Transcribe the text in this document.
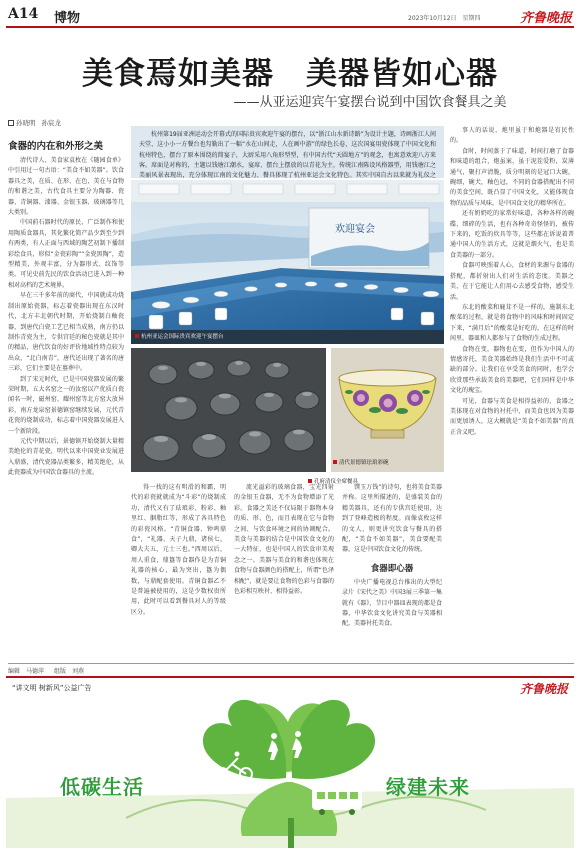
A14 博物	2023年10月12日　星期四	齐鲁晚报
美食焉如美器　美器皆如心器
——从亚运迎宾午宴摆台说到中国饮食餐具之美
孙晓明 孙宸龙
食器的内在和外形之美

清代诗人、美食家袁枚在《随园食单》中引用过一句古语：“美食不如美器”。饮食器具之美，在质、在形、在色，美在与食物的和谐之美，古代食具主要分为陶器、瓷器、青铜器、漆器、金银玉器、玻璃器等几大类别。

中国前石器时代的原民，广泛制作和使用陶质食器具，其化繁化简产品少到至少到有两类，有人正面与西域的陶艺初制下播制彩绘食具，形似“金瓷彩陶”“金瓷黑陶”，造型精美，外观丰富，分为器形式、纹饰等类。可见史前先民的饮食活动已进入到一种相对高档的艺术境界。

早在三千多年前的商代，中国就成功烧制出原始瓷器，标志着瓷器出现在东汉时代，北方丰北朝代时期，开始烧制白釉瓷器，到唐代白瓷工艺已相当成熟，南方仍以制作青瓷为主，专供宫廷的秘色瓷就是其中的精品，唐代饮食的好评价地域性特点较为出众，“北白南青”，唐代还出现了著名的唐三彩，它们主要是在墓葬中。

到了宋元时代，已是中国瓷器发展的繁荣时期，五大名窑之一的汝窑以产优质白瓷闻名一时，磁州窑、耀州窑等北方窑大放异彩，南方龙泉窑景德镇窑继续发展，元代青花瓷的烧制成功，标志着中国瓷器发展进入一个新阶段。

元代中期以后，景德镇开始烧制大量精美绝伦的青花瓷，明代以来中国瓷业发展进入鼎盛，清代瓷器品类繁多，精美绝伦，从此瓷器成为中国饮食器具的主流。

杭州第19届亚洲运动会开幕式的国际贵宾欢迎午宴的摆台，以“浙江山水新诗路”为设计主题，诗画浙江人间天堂、这小小一方餐台也勾勒出了一幅“水在山间走，人在画中游”的绿色长卷，这次国宴用瓷体现了中国文化和杭州特色，摆台了原本围绕的简宴子，大厨采用八角形型型，有中国古代“天圆地方”的观念，也寓意欢迎八方来客。席面是对称的，主题以钱塘江潮水，宴席、摆台上摆放的以青花为主，传统江南陈设风格器型，用钱塘江之美丽风景表现出，充分体现江南的文化魅力、餐具体现了杭州亚运会文化特色。其实中国自古以来就为礼仪之

欢迎宴会
杭州亚运会国际贵宾欢迎午宴摆台
清代景德镇珐琅彩碗
孔府清仪全席餐具

得一找的这有明滑的和霸，明代的彩瓷就就成为“斗彩”的烧制成功，清代又有了珐琅彩、粉彩、釉里红、胭脂红等，形成了各具特色的彩瓷风格。“青铜食器、钟鸣鼎食”，“礼器、天子九鼎，诸侯七，卿大夫五，元士三也。”西周以后，周人重食，鼎簋等食器作是为青铜礼器的核心，最为突出，簋为偶数，与鼎配套使用。青铜食器乙不是普遍被使用的，这是少数权贵所用，此时可以看到餐具对人的等级区分。

流光溢彩的玻璃食器，宝光四射的金银玉食器，无不为食物增添了光彩。食器之美还不仅局限于器物本身的质、形、色，而且表现在它与食物之间、与饮食环境之间的协调配合。美食与美器的结合是中国饮食文化的一大特征，也是中国人的饮食审美观念之一。美器与美食的和谐也体现在食物与食器颜色的搭配上，所谓“色泽相配”，就是要让食物的色彩与食器的色彩相互映衬、相得益彰。

馔玉万钱”的诗句，也将美食美器并称。这里所描述的，是盛装美食的精美器具，还有的专供宫廷使用，达到了登峰造极的程度。而像袁枚这样的文人，则更讲究饮食与餐具的搭配，“美食不如美器”，美食要配美器，这是中国饮食文化的传统。

食器即心器

中央广播电视总台推出的大型纪录片《宋代之美》中国3展三季第一集就有《器》，节目中器皿表现的都是食器，中华饮食文化讲究美食与美器相配，美器衬托美食。

事人的话说，炮里虽于和炮器是宥民性的。

食时，时间蒸于了味道，时间打磨了食器和味道的组合，炮虽案，虽于泥茬爱粉，炭薄通气，聚打声清脆，质分明刻的是冠口大碗，碗细，碗犬，釉色冠，不同的食器搭配出不同的美食空间，既凸显了中国文化，又能体现食物的品质与风味，是中国食文化的精华所在。

还有奶奶吃的家常好味道，各种各样的碗碟，细碎的生活，也有各种奇奇怪怪的，被传下来的，吃饭的炊具等等，这些都在诉说着普通中国人的生活方式，这就是烟火气，也是美食美器的一部分。

食器可映照着人心，食材的来源与食器的搭配，都折射出人们对生活的态度。美器之美，在于它能让人们用心去感受食物，感受生活。

东北的酸菜和鹿茸不是一样的，施制东北酸菜的过程，就是将食物中的风味和时间固定下来，“满月后”的酸菜是好吃的，在这样的时间里，器皿和人都参与了食物的生成过程。

食物在变，器物也在变，但作为中国人的情感寄托，美食美器始终是我们生活中不可或缺的部分。让我们在享受美食的同时，也学会欣赏那些承载美食的美器吧，它们同样是中华文化的瑰宝。

可见，食器与美食是相得益彰的，食器之美体现在对食物的衬托中，而美食也因为美器而更加诱人，这大概就是“美食不如美器”的真正含义吧。

编辑　马德萍 组版　刘燕
“讲文明 树新风”公益广告	齐鲁晚报
低碳生活	绿建未来
